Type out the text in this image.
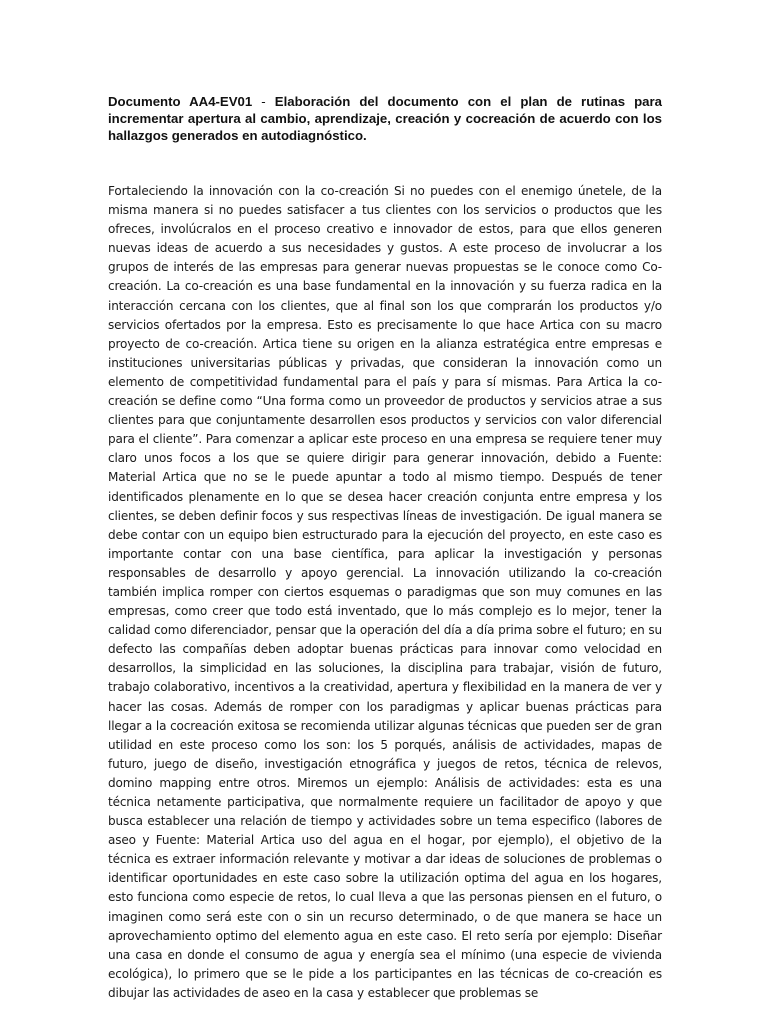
Documento AA4-EV01 - Elaboración del documento con el plan de rutinas para incrementar apertura al cambio, aprendizaje, creación y cocreación de acuerdo con los hallazgos generados en autodiagnóstico.

Fortaleciendo la innovación con la co-creación Si no puedes con el enemigo únetele, de la misma manera si no puedes satisfacer a tus clientes con los servicios o productos que les ofreces, involúcralos en el proceso creativo e innovador de estos, para que ellos generen nuevas ideas de acuerdo a sus necesidades y gustos. A este proceso de involucrar a los grupos de interés de las empresas para generar nuevas propuestas se le conoce como Co-creación. La co-creación es una base fundamental en la innovación y su fuerza radica en la interacción cercana con los clientes, que al final son los que comprarán los productos y/o servicios ofertados por la empresa. Esto es precisamente lo que hace Artica con su macro proyecto de co-creación. Artica tiene su origen en la alianza estratégica entre empresas e instituciones universitarias públicas y privadas, que consideran la innovación como un elemento de competitividad fundamental para el país y para sí mismas. Para Artica la co-creación se define como “Una forma como un proveedor de productos y servicios atrae a sus clientes para que conjuntamente desarrollen esos productos y servicios con valor diferencial para el cliente”. Para comenzar a aplicar este proceso en una empresa se requiere tener muy claro unos focos a los que se quiere dirigir para generar innovación, debido a Fuente: Material Artica que no se le puede apuntar a todo al mismo tiempo. Después de tener identificados plenamente en lo que se desea hacer creación conjunta entre empresa y los clientes, se deben definir focos y sus respectivas líneas de investigación. De igual manera se debe contar con un equipo bien estructurado para la ejecución del proyecto, en este caso es importante contar con una base científica, para aplicar la investigación y personas responsables de desarrollo y apoyo gerencial. La innovación utilizando la co-creación también implica romper con ciertos esquemas o paradigmas que son muy comunes en las empresas, como creer que todo está inventado, que lo más complejo es lo mejor, tener la calidad como diferenciador, pensar que la operación del día a día prima sobre el futuro; en su defecto las compañías deben adoptar buenas prácticas para innovar como velocidad en desarrollos, la simplicidad en las soluciones, la disciplina para trabajar, visión de futuro, trabajo colaborativo, incentivos a la creatividad, apertura y flexibilidad en la manera de ver y hacer las cosas. Además de romper con los paradigmas y aplicar buenas prácticas para llegar a la cocreación exitosa se recomienda utilizar algunas técnicas que pueden ser de gran utilidad en este proceso como los son: los 5 porqués, análisis de actividades, mapas de futuro, juego de diseño, investigación etnográfica y juegos de retos, técnica de relevos, domino mapping entre otros. Miremos un ejemplo: Análisis de actividades: esta es una técnica netamente participativa, que normalmente requiere un facilitador de apoyo y que busca establecer una relación de tiempo y actividades sobre un tema especifico (labores de aseo y Fuente: Material Artica uso del agua en el hogar, por ejemplo), el objetivo de la técnica es extraer información relevante y motivar a dar ideas de soluciones de problemas o identificar oportunidades en este caso sobre la utilización optima del agua en los hogares, esto funciona como especie de retos, lo cual lleva a que las personas piensen en el futuro, o imaginen como será este con o sin un recurso determinado, o de que manera se hace un aprovechamiento optimo del elemento agua en este caso. El reto sería por ejemplo: Diseñar una casa en donde el consumo de agua y energía sea el mínimo (una especie de vivienda ecológica), lo primero que se le pide a los participantes en las técnicas de co-creación es dibujar las actividades de aseo en la casa y establecer que problemas se
